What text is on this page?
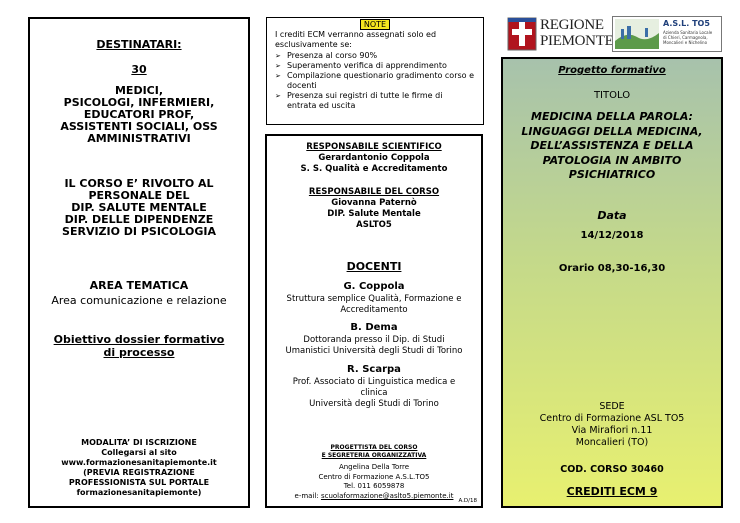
DESTINATARI:
30
MEDICI,
PSICOLOGI, INFERMIERI,
EDUCATORI PROF,
ASSISTENTI SOCIALI, OSS
AMMINISTRATIVI
IL CORSO E’ RIVOLTO AL
PERSONALE DEL
DIP. SALUTE MENTALE
DIP. DELLE DIPENDENZE
SERVIZIO DI PSICOLOGIA
AREA TEMATICA
Area comunicazione e relazione
Obiettivo dossier formativo
di processo
MODALITA’ DI ISCRIZIONE
Collegarsi al sito
www.formazionesanitapiemonte.it
(PREVIA REGISTRAZIONE
PROFESSIONISTA SUL PORTALE
formazionesanitapiemonte)
NOTE
I crediti ECM verranno assegnati solo ed
esclusivamente se:
➢ Presenza al corso 90%
➢ Superamento verifica di apprendimento
➢ Compilazione questionario gradimento corso e
docenti
➢ Presenza sui registri di tutte le firme di
entrata ed uscita
RESPONSABILE SCIENTIFICO
Gerardantonio Coppola
S. S. Qualità e Accreditamento
RESPONSABILE DEL CORSO
Giovanna Paternò
DIP. Salute Mentale
ASLTO5
DOCENTI
G. Coppola
Struttura semplice Qualità, Formazione e
Accreditamento
B. Dema
Dottoranda presso il Dip. di Studi
Umanistici Università degli Studi di Torino
R. Scarpa
Prof. Associato di Linguistica medica e
clinica
Università degli Studi di Torino
PROGETTISTA DEL CORSO
E SEGRETERIA ORGANIZZATIVA
Angelina Della Torre
Centro di Formazione A.S.L.TO5
Tel. 011 6059878
e-mail: scuolaformazione@aslto5.piemonte.it
A.D/18
REGIONE
PIEMONTE
A.S.L. TO5
Azienda Sanitaria Locale
di Chieri, Carmagnola,
Moncalieri e Nichelino
Progetto formativo
TITOLO
MEDICINA DELLA PAROLA:
LINGUAGGI DELLA MEDICINA,
DELL’ASSISTENZA E DELLA
PATOLOGIA IN AMBITO
PSICHIATRICO
Data
14/12/2018
Orario 08,30-16,30
SEDE
Centro di Formazione ASL TO5
Via Mirafiori n.11
Moncalieri (TO)
COD. CORSO 30460
CREDITI ECM 9
